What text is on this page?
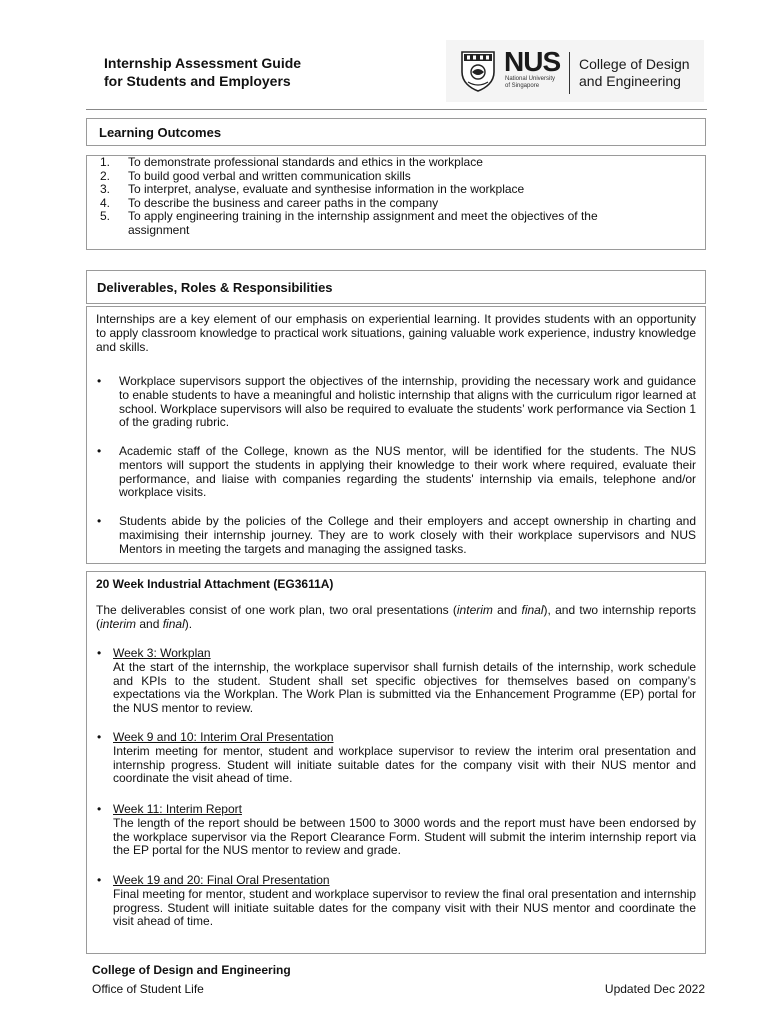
Internship Assessment Guide
for Students and Employers
NUS
National University
of Singapore
College of Design
and Engineering
Learning Outcomes
1.	To demonstrate professional standards and ethics in the workplace
2.	To build good verbal and written communication skills
3.	To interpret, analyse, evaluate and synthesise information in the workplace
4.	To describe the business and career paths in the company
5.	To apply engineering training in the internship assignment and meet the objectives of the
assignment
Deliverables, Roles & Responsibilities
Internships are a key element of our emphasis on experiential learning. It provides students with an opportunity to apply classroom knowledge to practical work situations, gaining valuable work experience, industry knowledge and skills.
• Workplace supervisors support the objectives of the internship, providing the necessary work and guidance to enable students to have a meaningful and holistic internship that aligns with the curriculum rigor learned at school. Workplace supervisors will also be required to evaluate the students’ work performance via Section 1 of the grading rubric.
• Academic staff of the College, known as the NUS mentor, will be identified for the students. The NUS mentors will support the students in applying their knowledge to their work where required, evaluate their performance, and liaise with companies regarding the students' internship via emails, telephone and/or workplace visits.
• Students abide by the policies of the College and their employers and accept ownership in charting and maximising their internship journey. They are to work closely with their workplace supervisors and NUS Mentors in meeting the targets and managing the assigned tasks.
20 Week Industrial Attachment (EG3611A)
The deliverables consist of one work plan, two oral presentations (interim and final), and two internship reports (interim and final).
• Week 3: Workplan
At the start of the internship, the workplace supervisor shall furnish details of the internship, work schedule and KPIs to the student. Student shall set specific objectives for themselves based on company’s expectations via the Workplan. The Work Plan is submitted via the Enhancement Programme (EP) portal for the NUS mentor to review.
• Week 9 and 10: Interim Oral Presentation
Interim meeting for mentor, student and workplace supervisor to review the interim oral presentation and internship progress. Student will initiate suitable dates for the company visit with their NUS mentor and coordinate the visit ahead of time.
• Week 11: Interim Report
The length of the report should be between 1500 to 3000 words and the report must have been endorsed by the workplace supervisor via the Report Clearance Form. Student will submit the interim internship report via the EP portal for the NUS mentor to review and grade.
• Week 19 and 20: Final Oral Presentation
Final meeting for mentor, student and workplace supervisor to review the final oral presentation and internship progress. Student will initiate suitable dates for the company visit with their NUS mentor and coordinate the visit ahead of time.
College of Design and Engineering
Office of Student Life	Updated Dec 2022
